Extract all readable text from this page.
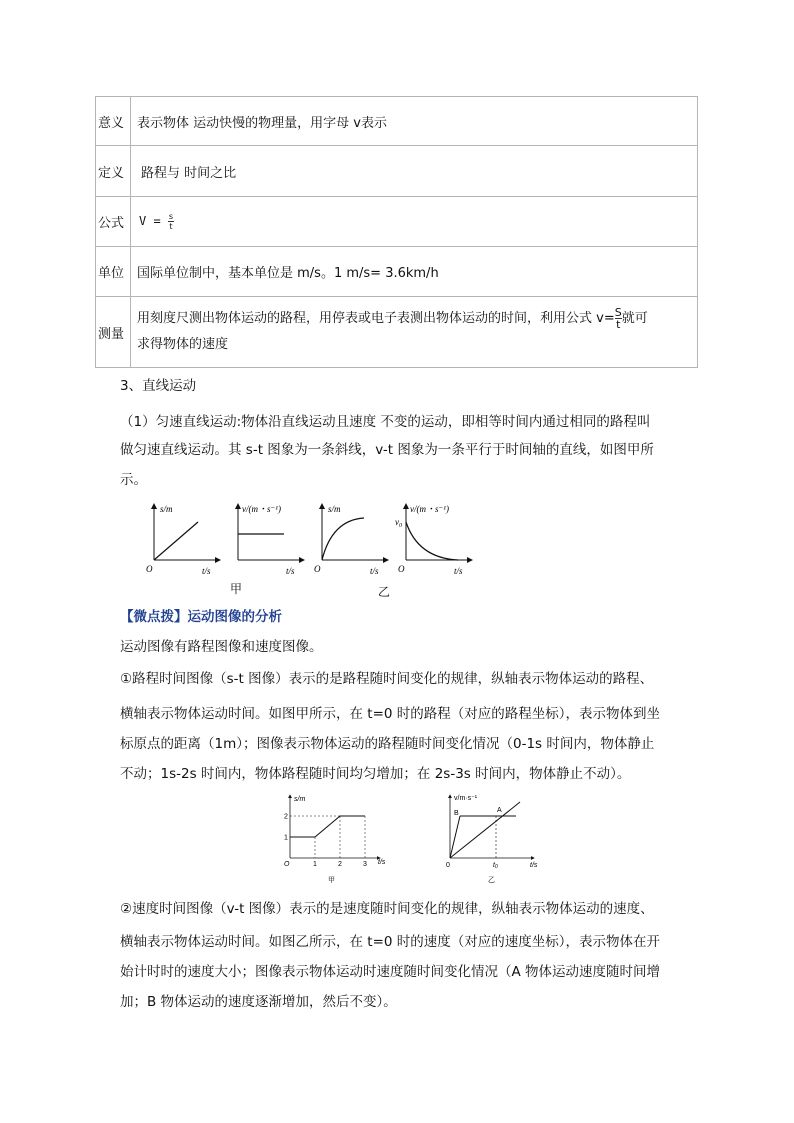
意义	表示物体 运动快慢的物理量，用字母 v表示
定义	路程与 时间之比
公式	$V = \frac{s}{t}$
单位	国际单位制中，基本单位是 m/s。1 m/s= 3.6km/h
测量	用刻度尺测出物体运动的路程，用停表或电子表测出物体运动的时间，利用公式 $v= \frac{S}{t}$就可
求得物体的速度
3、直线运动
（1）匀速直线运动:物体沿直线运动且速度 不变的运动，即相等时间内通过相同的路程叫
做匀速直线运动。其 s-t 图象为一条斜线，v-t 图象为一条平行于时间轴的直线，如图甲所
示。
s/m
O	t/s
v/(m・s⁻¹)
t/s
s/m
O	t/s
v/(m・s⁻¹)
$v_0$
O	t/s
甲	乙
【微点拨】运动图像的分析
运动图像有路程图像和速度图像。
①路程时间图像（s-t 图像）表示的是路程随时间变化的规律，纵轴表示物体运动的路程、
横轴表示物体运动时间。如图甲所示，在 t=0 时的路程（对应的路程坐标），表示物体到坐
标原点的距离（1m）；图像表示物体运动的路程随时间变化情况（0-1s 时间内，物体静止
不动；1s-2s 时间内，物体路程随时间均匀增加；在 2s-3s 时间内，物体静止不动）。
s/m
t/s
O
1
2
1	2	3
甲
v/m·s⁻¹
t/s
0
A
B
t0
乙
②速度时间图像（v-t 图像）表示的是速度随时间变化的规律，纵轴表示物体运动的速度、
横轴表示物体运动时间。如图乙所示，在 t=0 时的速度（对应的速度坐标），表示物体在开
始计时时的速度大小；图像表示物体运动时速度随时间变化情况（A 物体运动速度随时间增
加；B 物体运动的速度逐渐增加，然后不变）。
